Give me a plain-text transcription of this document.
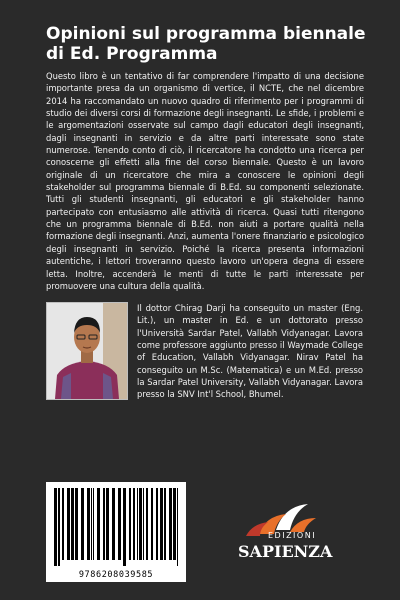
Opinioni sul programma biennale di Ed. Programma

Questo libro è un tentativo di far comprendere l'impatto di una decisione importante presa da un organismo di vertice, il NCTE, che nel dicembre 2014 ha raccomandato un nuovo quadro di riferimento per i programmi di studio dei diversi corsi di formazione degli insegnanti. Le sfide, i problemi e le argomentazioni osservate sul campo dagli educatori degli insegnanti, dagli insegnanti in servizio e da altre parti interessate sono state numerose. Tenendo conto di ciò, il ricercatore ha condotto una ricerca per conoscerne gli effetti alla fine del corso biennale. Questo è un lavoro originale di un ricercatore che mira a conoscere le opinioni degli stakeholder sul programma biennale di B.Ed. su componenti selezionate. Tutti gli studenti insegnanti, gli educatori e gli stakeholder hanno partecipato con entusiasmo alle attività di ricerca. Quasi tutti ritengono che un programma biennale di B.Ed. non aiuti a portare qualità nella formazione degli insegnanti. Anzi, aumenta l'onere finanziario e psicologico degli insegnanti in servizio. Poiché la ricerca presenta informazioni autentiche, i lettori troveranno questo lavoro un'opera degna di essere letta. Inoltre, accenderà le menti di tutte le parti interessate per promuovere una cultura della qualità.

Il dottor Chirag Darji ha conseguito un master (Eng. Lit.), un master in Ed. e un dottorato presso l'Università Sardar Patel, Vallabh Vidyanagar. Lavora come professore aggiunto presso il Waymade College of Education, Vallabh Vidyanagar. Nirav Patel ha conseguito un M.Sc. (Matematica) e un M.Ed. presso la Sardar Patel University, Vallabh Vidyanagar. Lavora presso la SNV Int'l School, Bhumel.

9786208039585
EDIZIONI
SAPIENZA
